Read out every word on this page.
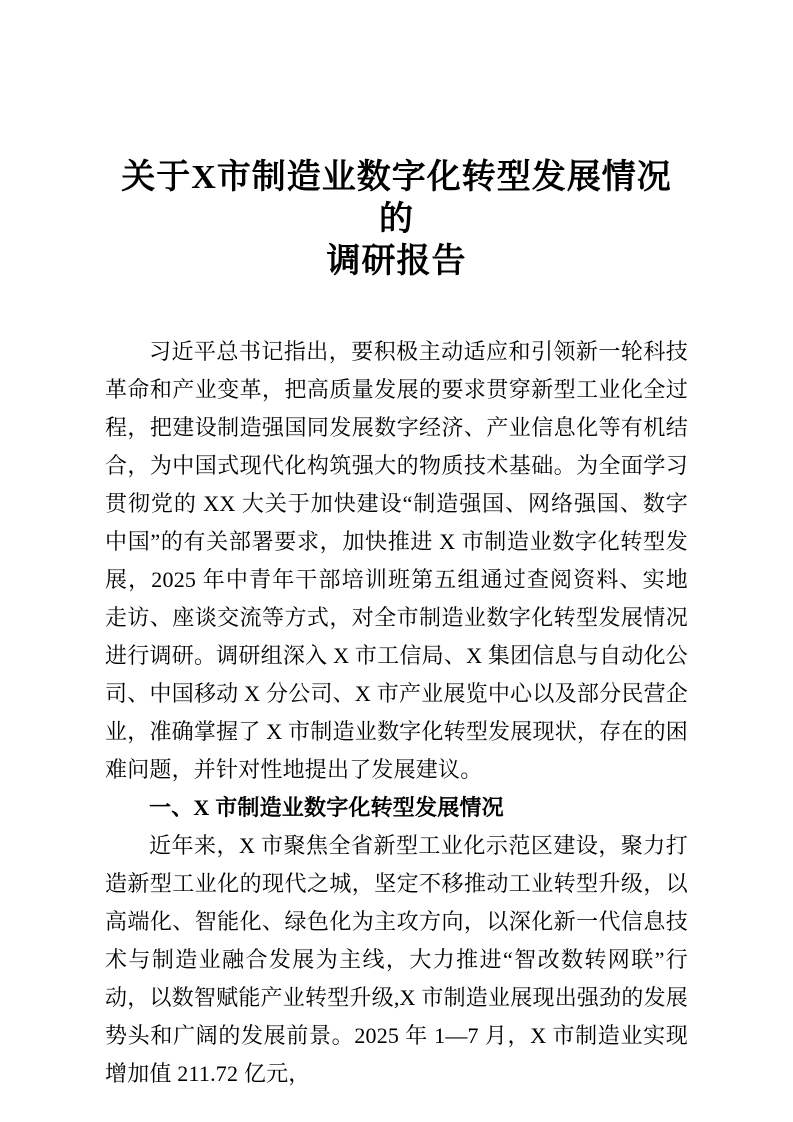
关于X市制造业数字化转型发展情况的
调研报告

习近平总书记指出，要积极主动适应和引领新一轮科技革命和产业变革，把高质量发展的要求贯穿新型工业化全过程，把建设制造强国同发展数字经济、产业信息化等有机结合，为中国式现代化构筑强大的物质技术基础。为全面学习贯彻党的 XX 大关于加快建设“制造强国、网络强国、数字中国”的有关部署要求，加快推进 X 市制造业数字化转型发展，2025 年中青年干部培训班第五组通过查阅资料、实地走访、座谈交流等方式，对全市制造业数字化转型发展情况进行调研。调研组深入 X 市工信局、X 集团信息与自动化公司、中国移动 X 分公司、X 市产业展览中心以及部分民营企业，准确掌握了 X 市制造业数字化转型发展现状，存在的困难问题，并针对性地提出了发展建议。

一、X 市制造业数字化转型发展情况

近年来，X 市聚焦全省新型工业化示范区建设，聚力打造新型工业化的现代之城，坚定不移推动工业转型升级，以高端化、智能化、绿色化为主攻方向，以深化新一代信息技术与制造业融合发展为主线，大力推进“智改数转网联”行动，以数智赋能产业转型升级,X 市制造业展现出强劲的发展势头和广阔的发展前景。2025 年 1—7 月，X 市制造业实现增加值 211.72 亿元，
